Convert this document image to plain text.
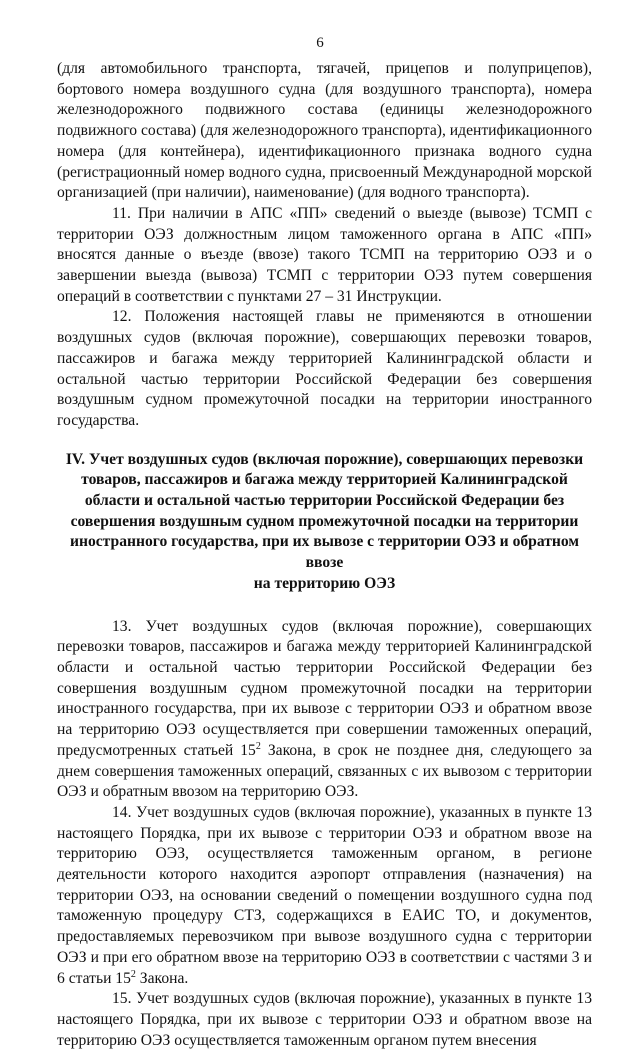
6

(для автомобильного транспорта, тягачей, прицепов и полуприцепов), бортового номера воздушного судна (для воздушного транспорта), номера железнодорожного подвижного состава (единицы железнодорожного подвижного состава) (для железнодорожного транспорта), идентификационного номера (для контейнера), идентификационного признака водного судна (регистрационный номер водного судна, присвоенный Международной морской организацией (при наличии), наименование) (для водного транспорта).

11. При наличии в АПС «ПП» сведений о выезде (вывозе) ТСМП с территории ОЭЗ должностным лицом таможенного органа в АПС «ПП» вносятся данные о въезде (ввозе) такого ТСМП на территорию ОЭЗ и о завершении выезда (вывоза) ТСМП с территории ОЭЗ путем совершения операций в соответствии с пунктами 27 – 31 Инструкции.

12. Положения настоящей главы не применяются в отношении воздушных судов (включая порожние), совершающих перевозки товаров, пассажиров и багажа между территорией Калининградской области и остальной частью территории Российской Федерации без совершения воздушным судном промежуточной посадки на территории иностранного государства.

IV. Учет воздушных судов (включая порожние), совершающих перевозки товаров, пассажиров и багажа между территорией Калининградской области и остальной частью территории Российской Федерации без совершения воздушным судном промежуточной посадки на территории иностранного государства, при их вывозе с территории ОЭЗ и обратном ввозе
на территорию ОЭЗ

13. Учет воздушных судов (включая порожние), совершающих перевозки товаров, пассажиров и багажа между территорией Калининградской области и остальной частью территории Российской Федерации без совершения воздушным судном промежуточной посадки на территории иностранного государства, при их вывозе с территории ОЭЗ и обратном ввозе на территорию ОЭЗ осуществляется при совершении таможенных операций, предусмотренных статьей $15^2$ Закона, в срок не позднее дня, следующего за днем совершения таможенных операций, связанных с их вывозом с территории ОЭЗ и обратным ввозом на территорию ОЭЗ.

14. Учет воздушных судов (включая порожние), указанных в пункте 13 настоящего Порядка, при их вывозе с территории ОЭЗ и обратном ввозе на территорию ОЭЗ, осуществляется таможенным органом, в регионе деятельности которого находится аэропорт отправления (назначения) на территории ОЭЗ, на основании сведений о помещении воздушного судна под таможенную процедуру СТЗ, содержащихся в ЕАИС ТО, и документов, предоставляемых перевозчиком при вывозе воздушного судна с территории ОЭЗ и при его обратном ввозе на территорию ОЭЗ в соответствии с частями 3 и 6 статьи $15^2$ Закона.

15. Учет воздушных судов (включая порожние), указанных в пункте 13 настоящего Порядка, при их вывозе с территории ОЭЗ и обратном ввозе на территорию ОЭЗ осуществляется таможенным органом путем внесения
